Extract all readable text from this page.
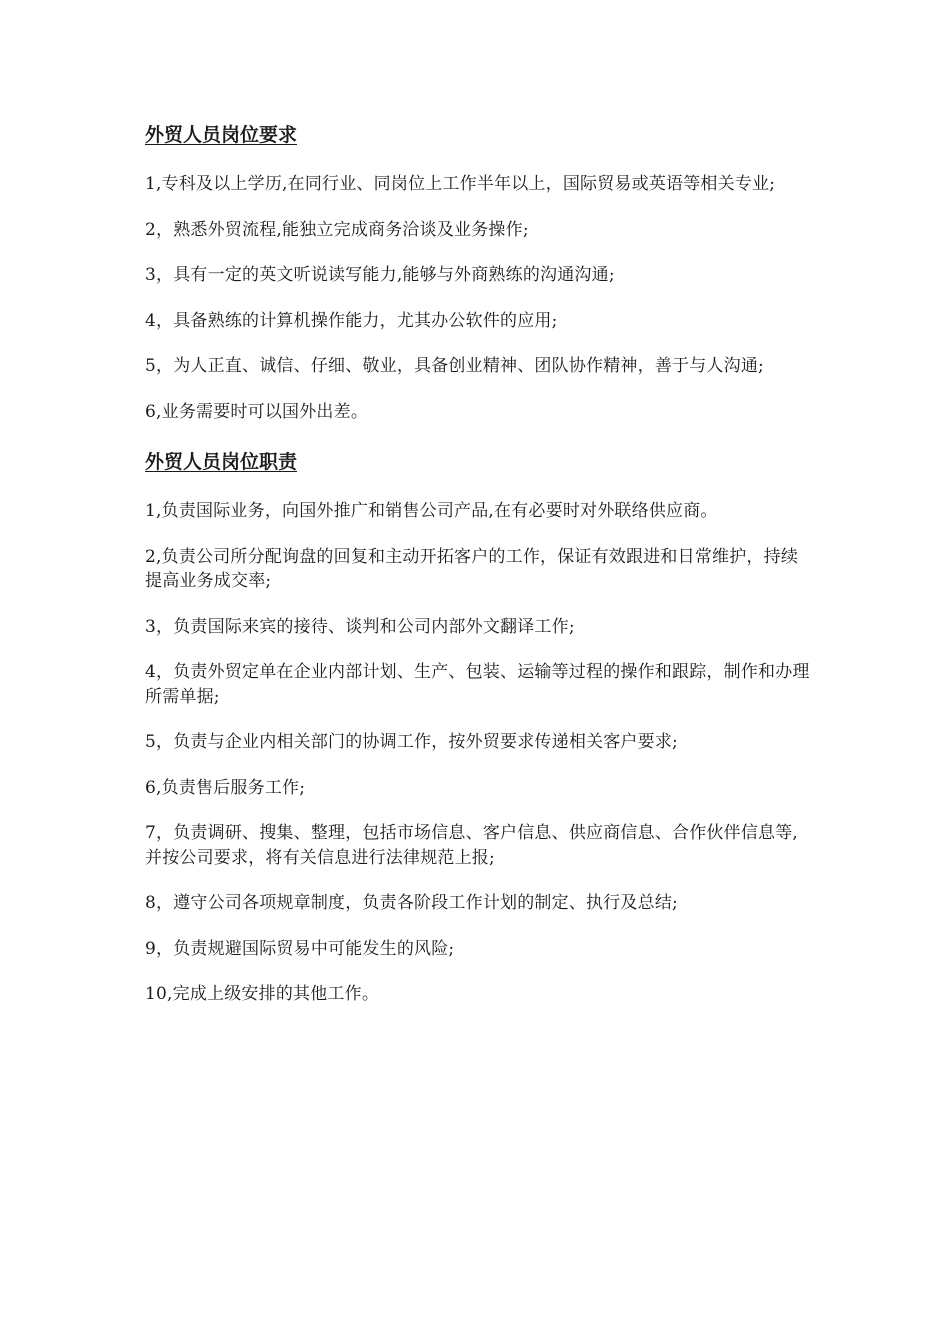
外贸人员岗位要求

1,专科及以上学历,在同行业、同岗位上工作半年以上，国际贸易或英语等相关专业;

2，熟悉外贸流程,能独立完成商务洽谈及业务操作;

3，具有一定的英文听说读写能力,能够与外商熟练的沟通沟通;

4，具备熟练的计算机操作能力，尤其办公软件的应用;

5，为人正直、诚信、仔细、敬业，具备创业精神、团队协作精神，善于与人沟通;

6,业务需要时可以国外出差。

外贸人员岗位职责

1,负责国际业务，向国外推广和销售公司产品,在有必要时对外联络供应商。

2,负责公司所分配询盘的回复和主动开拓客户的工作，保证有效跟进和日常维护，持续提高业务成交率;

3，负责国际来宾的接待、谈判和公司内部外文翻译工作;

4，负责外贸定单在企业内部计划、生产、包装、运输等过程的操作和跟踪，制作和办理所需单据;

5，负责与企业内相关部门的协调工作，按外贸要求传递相关客户要求;

6,负责售后服务工作;

7，负责调研、搜集、整理，包括市场信息、客户信息、供应商信息、合作伙伴信息等,并按公司要求，将有关信息进行法律规范上报;

8，遵守公司各项规章制度，负责各阶段工作计划的制定、执行及总结;

9，负责规避国际贸易中可能发生的风险;

10,完成上级安排的其他工作。
